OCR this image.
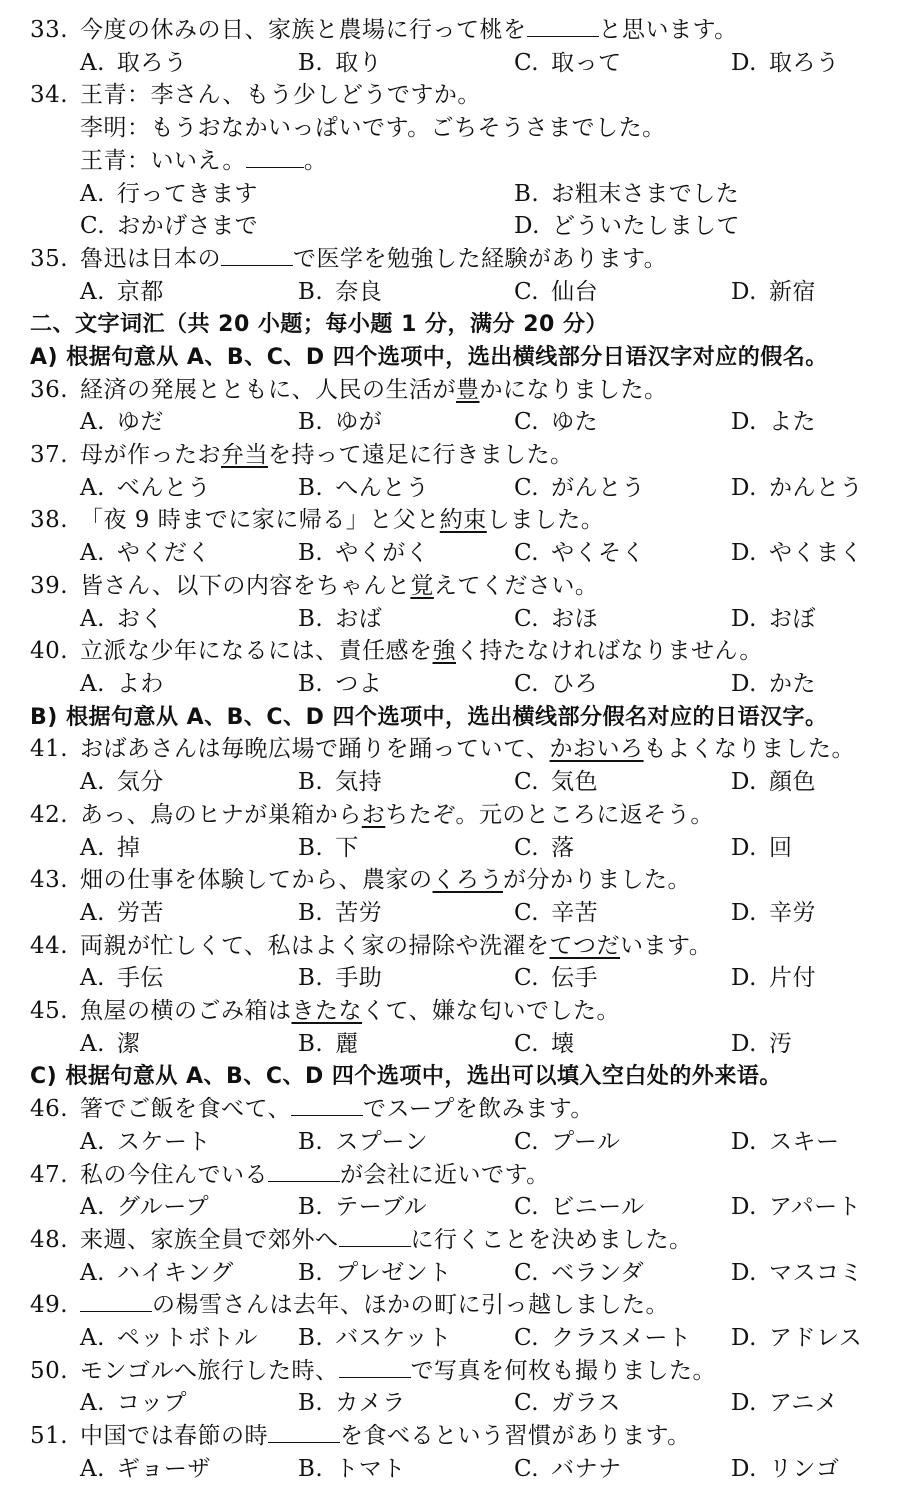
33. 今度の休みの日、家族と農場に行って桃を	と思います。
A.  取ろう	B.  取り	C.  取って	D.  取ろう
34. 王青：李さん、もう少しどうですか。
李明：もうおなかいっぱいです。ごちそうさまでした。
王青：いいえ。	。
A.  行ってきます	B.  お粗末さまでした
C.  おかげさまで	D.  どういたしまして
35. 魯迅は日本の	で医学を勉強した経験があります。
A.  京都	B.  奈良	C.  仙台	D.  新宿
二、文字词汇（共 20 小题；每小题 1 分，满分 20 分）
A) 根据句意从 A、B、C、D 四个选项中，选出横线部分日语汉字对应的假名。
36. 経済の発展とともに、人民の生活が豊かになりました。
A.  ゆだ	B.  ゆが	C.  ゆた	D.  よた
37. 母が作ったお弁当を持って遠足に行きました。
A.  べんとう	B.  へんとう	C.  がんとう	D.  かんとう
38. 「夜 9 時までに家に帰る」と父と約束しました。
A.  やくだく	B.  やくがく	C.  やくそく	D.  やくまく
39. 皆さん、以下の内容をちゃんと覚えてください。
A.  おく	B.  おば	C.  おほ	D.  おぼ
40. 立派な少年になるには、責任感を強く持たなければなりません。
A.  よわ	B.  つよ	C.  ひろ	D.  かた
B) 根据句意从 A、B、C、D 四个选项中，选出横线部分假名对应的日语汉字。
41. おばあさんは毎晩広場で踊りを踊っていて、かおいろもよくなりました。
A.  気分	B.  気持	C.  気色	D.  顔色
42. あっ、鳥のヒナが巣箱からおちたぞ。元のところに返そう。
A.  掉	B.  下	C.  落	D.  回
43. 畑の仕事を体験してから、農家のくろうが分かりました。
A.  労苦	B.  苦労	C.  辛苦	D.  辛労
44. 両親が忙しくて、私はよく家の掃除や洗濯をてつだいます。
A.  手伝	B.  手助	C.  伝手	D.  片付
45. 魚屋の横のごみ箱はきたなくて、嫌な匂いでした。
A.  潔	B.  麗	C.  壊	D.  汚
C) 根据句意从 A、B、C、D 四个选项中，选出可以填入空白处的外来语。
46. 箸でご飯を食べて、	でスープを飲みます。
A.  スケート	B.  スプーン	C.  プール	D.  スキー
47. 私の今住んでいる	が会社に近いです。
A.  グループ	B.  テーブル	C.  ビニール	D.  アパート
48. 来週、家族全員で郊外へ	に行くことを決めました。
A.  ハイキング	B.  プレゼント	C.  ベランダ	D.  マスコミ
49.	の楊雪さんは去年、ほかの町に引っ越しました。
A.  ペットボトル B.  バスケット	C.  クラスメート D.  アドレス
50. モンゴルへ旅行した時、	で写真を何枚も撮りました。
A.  コップ	B.  カメラ	C.  ガラス	D.  アニメ
51. 中国では春節の時	を食べるという習慣があります。
A.  ギョーザ	B.  トマト	C.  バナナ	D.  リンゴ
